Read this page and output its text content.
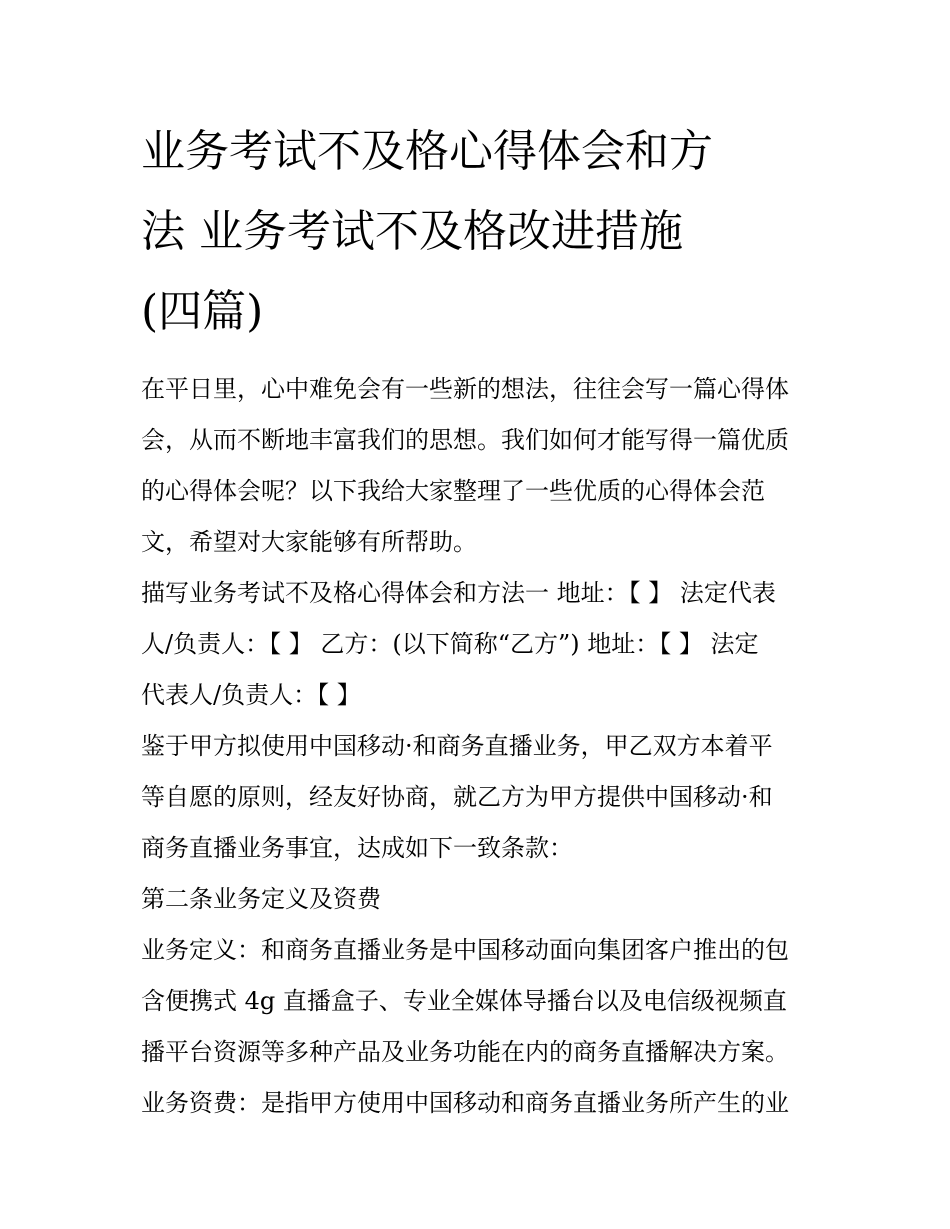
业务考试不及格心得体会和方
法 业务考试不及格改进措施
(四篇)

在平日里，心中难免会有一些新的想法，往往会写一篇心得体
会，从而不断地丰富我们的思想。我们如何才能写得一篇优质
的心得体会呢？以下我给大家整理了一些优质的心得体会范
文，希望对大家能够有所帮助。

描写业务考试不及格心得体会和方法一 地址：【 】 法定代表
人/负责人：【 】 乙方：(以下简称“乙方”) 地址：【 】 法定
代表人/负责人：【 】

鉴于甲方拟使用中国移动·和商务直播业务，甲乙双方本着平
等自愿的原则，经友好协商，就乙方为甲方提供中国移动·和
商务直播业务事宜，达成如下一致条款：

第二条业务定义及资费

业务定义：和商务直播业务是中国移动面向集团客户推出的包
含便携式 4g 直播盒子、专业全媒体导播台以及电信级视频直
播平台资源等多种产品及业务功能在内的商务直播解决方案。

业务资费：是指甲方使用中国移动和商务直播业务所产生的业
